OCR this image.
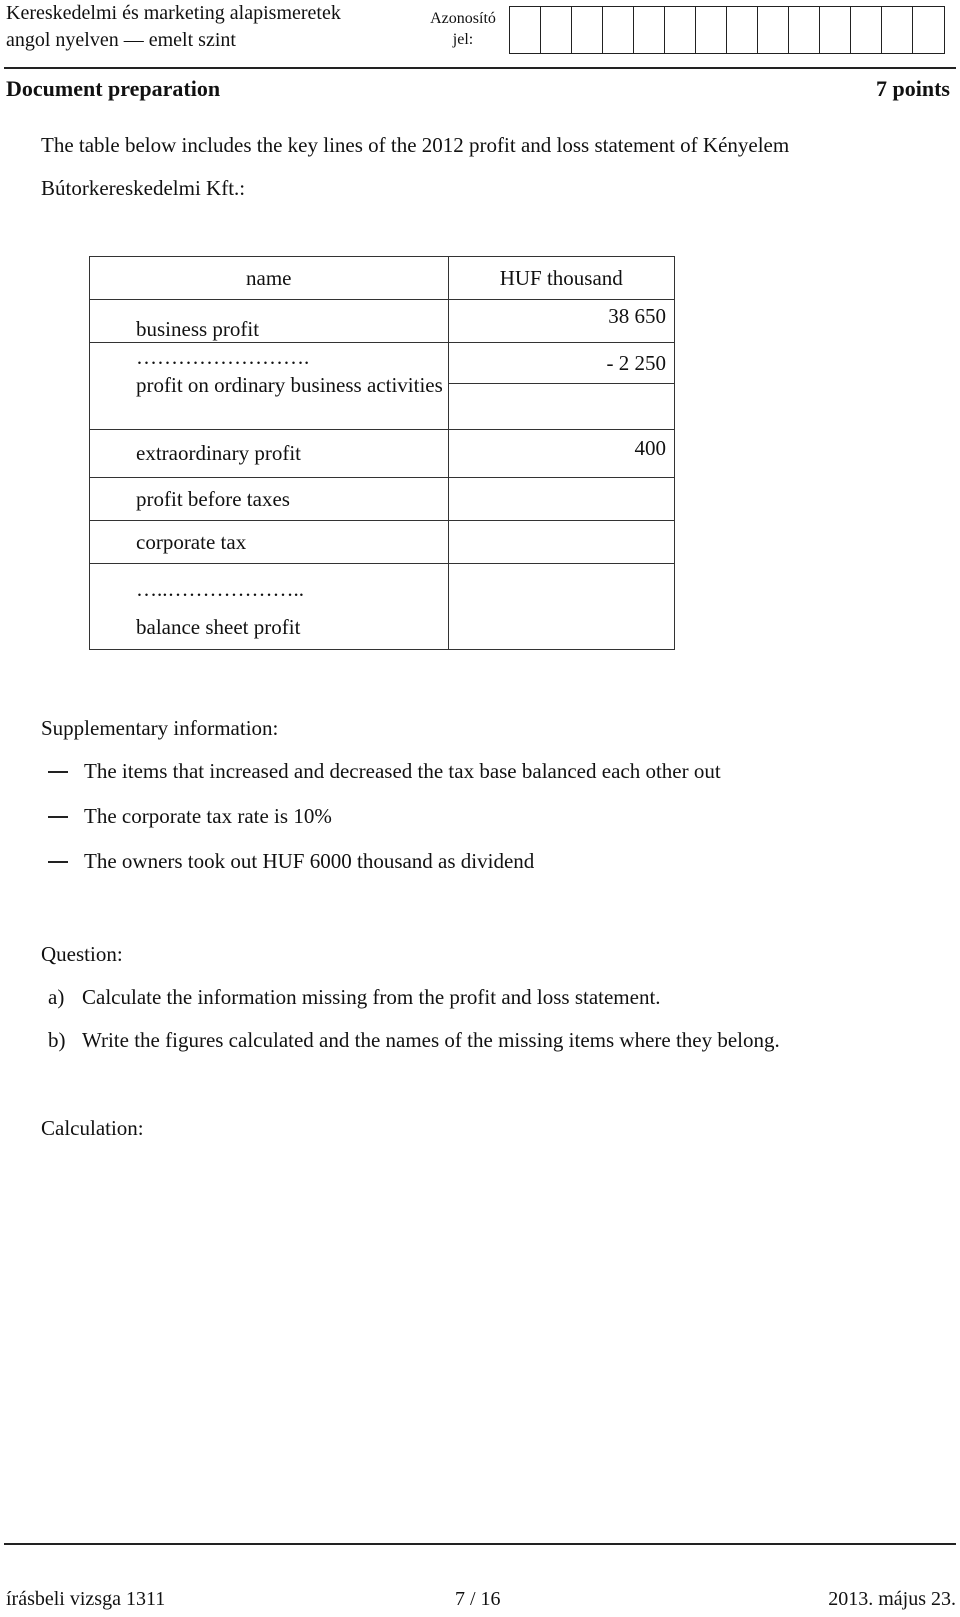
Kereskedelmi és marketing alapismeretek
angol nyelven — emelt szint
Azonosító
jel:
Document preparation	7 points
The table below includes the key lines of the 2012 profit and loss statement of Kényelem Bútorkereskedelmi Kft.:
name	HUF thousand
business profit	38 650

…………………….
profit on ordinary business activities	- 2 250

extraordinary profit	400
profit before taxes	
corporate tax	

…..………………..
balance sheet profit	

Supplementary information:
The items that increased and decreased the tax base balanced each other out
The corporate tax rate is 10%
The owners took out HUF 6000 thousand as dividend
Question:
a) Calculate the information missing from the profit and loss statement.
b) Write the figures calculated and the names of the missing items where they belong.
Calculation:
írásbeli vizsga 1311	7 / 16	2013. május 23.
